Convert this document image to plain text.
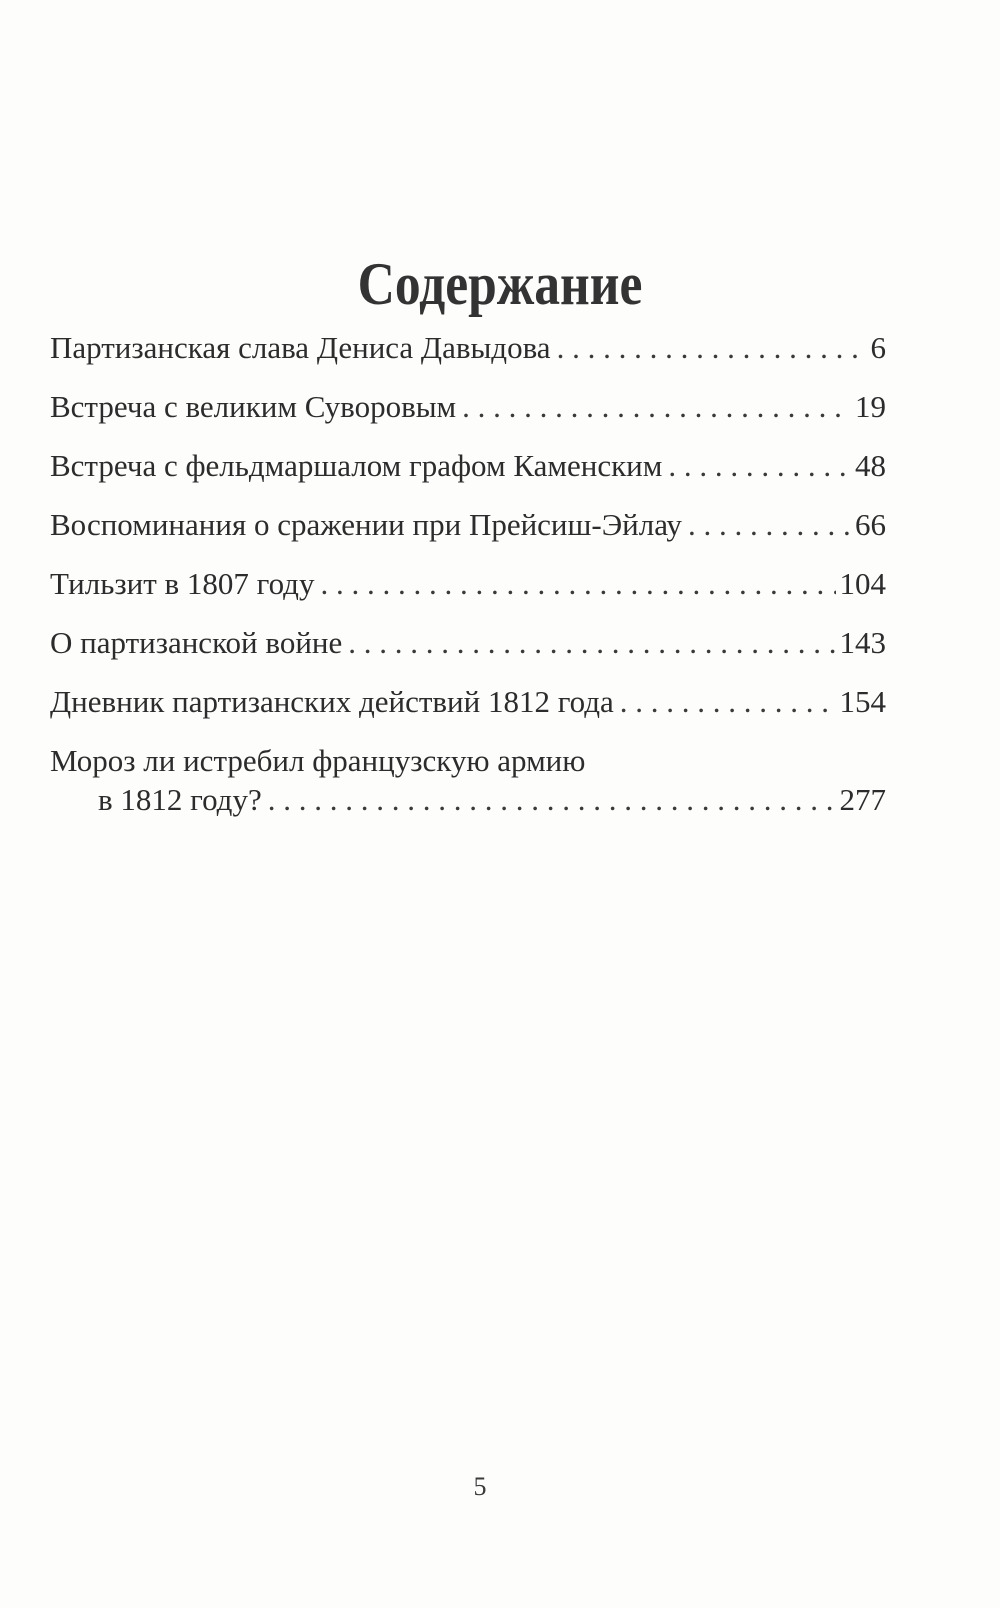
Содержание
Партизанская слава Дениса Давыдова . . .	6
Встреча с великим Суворовым . . .	19
Встреча с фельдмаршалом графом Каменским . . .	48
Воспоминания о сражении при Прейсиш-Эйлау . . .	66
Тильзит в 1807 году . . .	104
О партизанской войне . . .	143
Дневник партизанских действий 1812 года . . .	154
Мороз ли истребил французскую армию
в 1812 году? . . .	277
5
